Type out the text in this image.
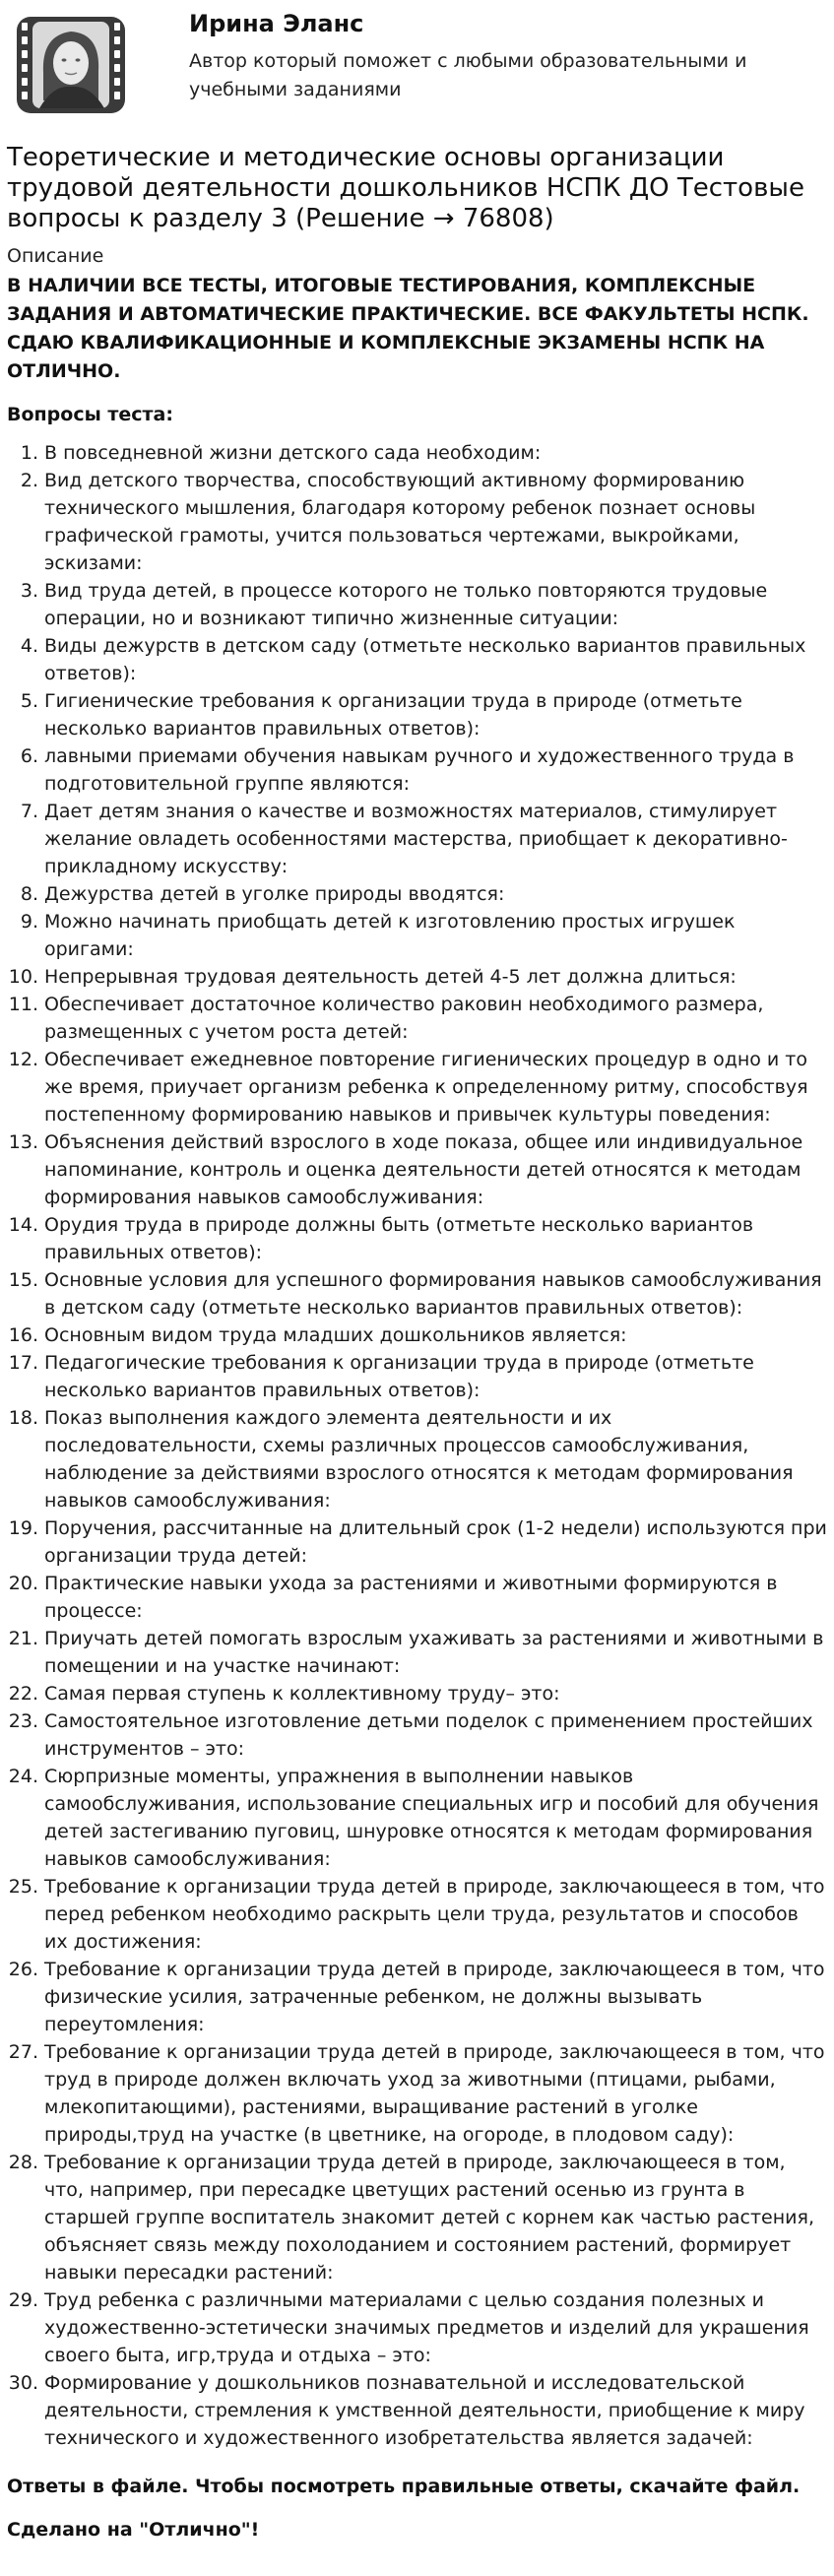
Ирина Эланс
Автор который поможет с любыми образовательными и учебными заданиями
Теоретические и методические основы организации трудовой деятельности дошкольников НСПК ДО Тестовые вопросы к разделу 3 (Решение → 76808)
Описание
В НАЛИЧИИ ВСЕ ТЕСТЫ, ИТОГОВЫЕ ТЕСТИРОВАНИЯ, КОМПЛЕКСНЫЕ ЗАДАНИЯ И АВТОМАТИЧЕСКИЕ ПРАКТИЧЕСКИЕ. ВСЕ ФАКУЛЬТЕТЫ НСПК. СДАЮ КВАЛИФИКАЦИОННЫЕ И КОМПЛЕКСНЫЕ ЭКЗАМЕНЫ НСПК НА ОТЛИЧНО.
Вопросы теста:
1. В повседневной жизни детского сада необходим:
2. Вид детского творчества, способствующий активному формированию технического мышления, благодаря которому ребенок познает основы графической грамоты, учится пользоваться чертежами, выкройками, эскизами:
3. Вид труда детей, в процессе которого не только повторяются трудовые операции, но и возникают типично жизненные ситуации:
4. Виды дежурств в детском саду (отметьте несколько вариантов правильных ответов):
5. Гигиенические требования к организации труда в природе (отметьте несколько вариантов правильных ответов):
6. лавными приемами обучения навыкам ручного и художественного труда в подготовительной группе являются:
7. Дает детям знания о качестве и возможностях материалов, стимулирует желание овладеть особенностями мастерства, приобщает к декоративно-прикладному искусству:
8. Дежурства детей в уголке природы вводятся:
9. Можно начинать приобщать детей к изготовлению простых игрушек оригами:
10. Непрерывная трудовая деятельность детей 4-5 лет должна длиться:
11. Обеспечивает достаточное количество раковин необходимого размера, размещенных с учетом роста детей:
12. Обеспечивает ежедневное повторение гигиенических процедур в одно и то же время, приучает организм ребенка к определенному ритму, способствуя постепенному формированию навыков и привычек культуры поведения:
13. Объяснения действий взрослого в ходе показа, общее или индивидуальное напоминание, контроль и оценка деятельности детей относятся к методам формирования навыков самообслуживания:
14. Орудия труда в природе должны быть (отметьте несколько вариантов правильных ответов):
15. Основные условия для успешного формирования навыков самообслуживания в детском саду (отметьте несколько вариантов правильных ответов):
16. Основным видом труда младших дошкольников является:
17. Педагогические требования к организации труда в природе (отметьте несколько вариантов правильных ответов):
18. Показ выполнения каждого элемента деятельности и их последовательности, схемы различных процессов самообслуживания, наблюдение за действиями взрослого относятся к методам формирования навыков самообслуживания:
19. Поручения, рассчитанные на длительный срок (1-2 недели) используются при организации труда детей:
20. Практические навыки ухода за растениями и животными формируются в процессе:
21. Приучать детей помогать взрослым ухаживать за растениями и животными в помещении и на участке начинают:
22. Самая первая ступень к коллективному труду– это:
23. Самостоятельное изготовление детьми поделок с применением простейших инструментов – это:
24. Сюрпризные моменты, упражнения в выполнении навыков самообслуживания, использование специальных игр и пособий для обучения детей застегиванию пуговиц, шнуровке относятся к методам формирования навыков самообслуживания:
25. Требование к организации труда детей в природе, заключающееся в том, что перед ребенком необходимо раскрыть цели труда, результатов и способов их достижения:
26. Требование к организации труда детей в природе, заключающееся в том, что физические усилия, затраченные ребенком, не должны вызывать переутомления:
27. Требование к организации труда детей в природе, заключающееся в том, что труд в природе должен включать уход за животными (птицами, рыбами, млекопитающими), растениями, выращивание растений в уголке природы,труд на участке (в цветнике, на огороде, в плодовом саду):
28. Требование к организации труда детей в природе, заключающееся в том, что, например, при пересадке цветущих растений осенью из грунта в старшей группе воспитатель знакомит детей с корнем как частью растения, объясняет связь между похолоданием и состоянием растений, формирует навыки пересадки растений:
29. Труд ребенка с различными материалами с целью создания полезных и художественно-эстетически значимых предметов и изделий для украшения своего быта, игр,труда и отдыха – это:
30. Формирование у дошкольников познавательной и исследовательской деятельности, стремления к умственной деятельности, приобщение к миру технического и художественного изобретательства является задачей:
Ответы в файле. Чтобы посмотреть правильные ответы, скачайте файл.
Сделано на "Отлично"!
